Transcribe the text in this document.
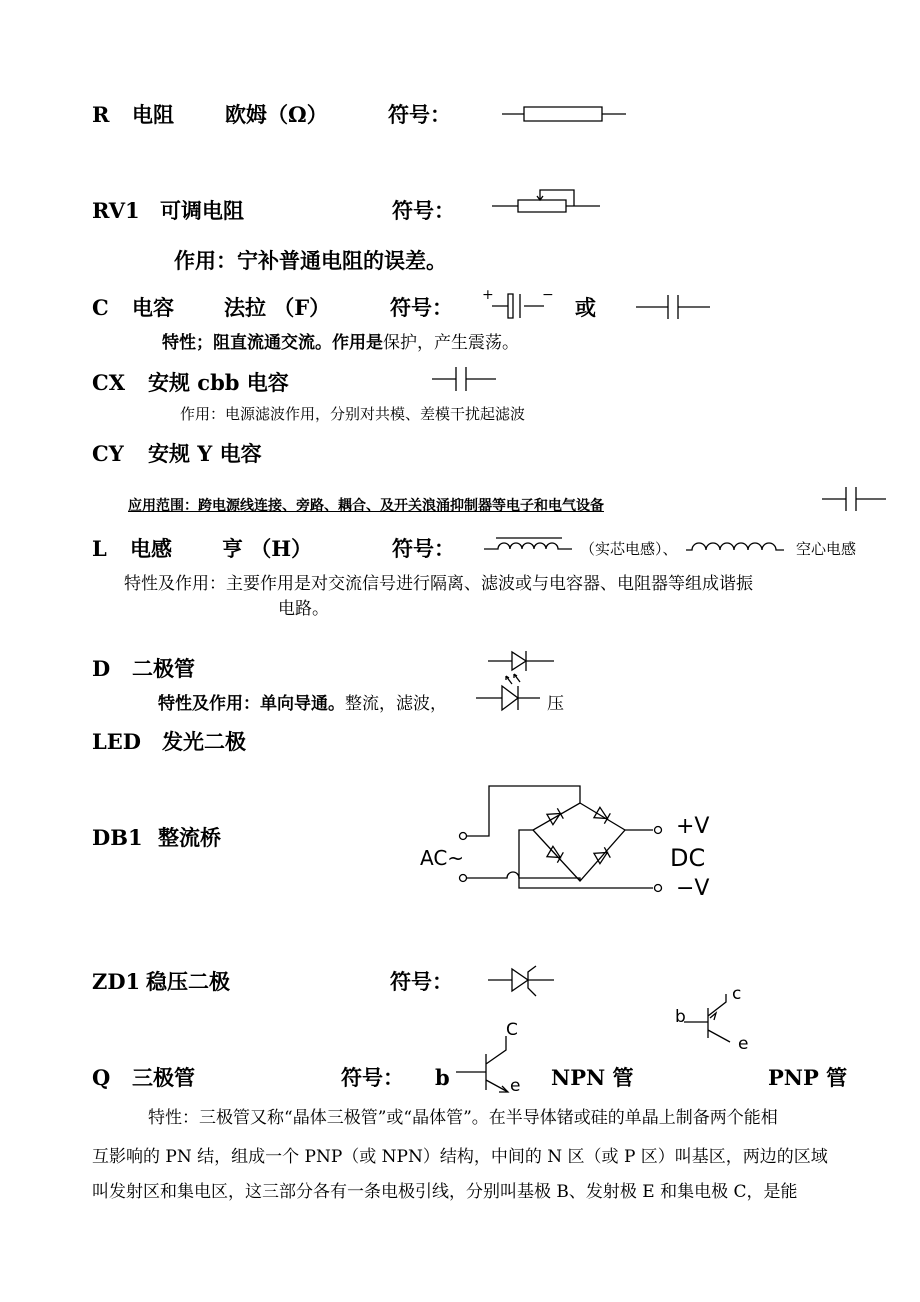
R 电阻 欧姆（Ω）	符号：
RV1 可调电阻	符号：
作用：宁补普通电阻的误差。
C 电容 法拉 （F）	符号： +	− 或
特性；阻直流通交流。作用是保护，产生震荡。
CX 安规 cbb 电容
作用：电源滤波作用，分别对共模、差模干扰起滤波
CY 安规 Y 电容
应用范围：跨电源线连接、旁路、耦合、及开关浪涌抑制器等电子和电气设备
L 电感 亨 （H）	符号：	（实芯电感）、	空心电感
特性及作用：主要作用是对交流信号进行隔离、滤波或与电容器、电阻器等组成谐振
电路。
D 二极管
特性及作用：单向导通。整流，滤波，	压
LED 发光二极
DB1 整流桥
AC~
+V
DC
−V
ZD1 稳压二极	符号：
Q 三极管	符号： b
C
e NPN 管
c
b
e
PNP 管
特性：三极管又称“晶体三极管”或“晶体管”。在半导体锗或硅的单晶上制备两个能相
互影响的 PN 结，组成一个 PNP（或 NPN）结构，中间的 N 区（或 P 区）叫基区，两边的区域
叫发射区和集电区，这三部分各有一条电极引线，分别叫基极 B、发射极 E 和集电极 C，是能
